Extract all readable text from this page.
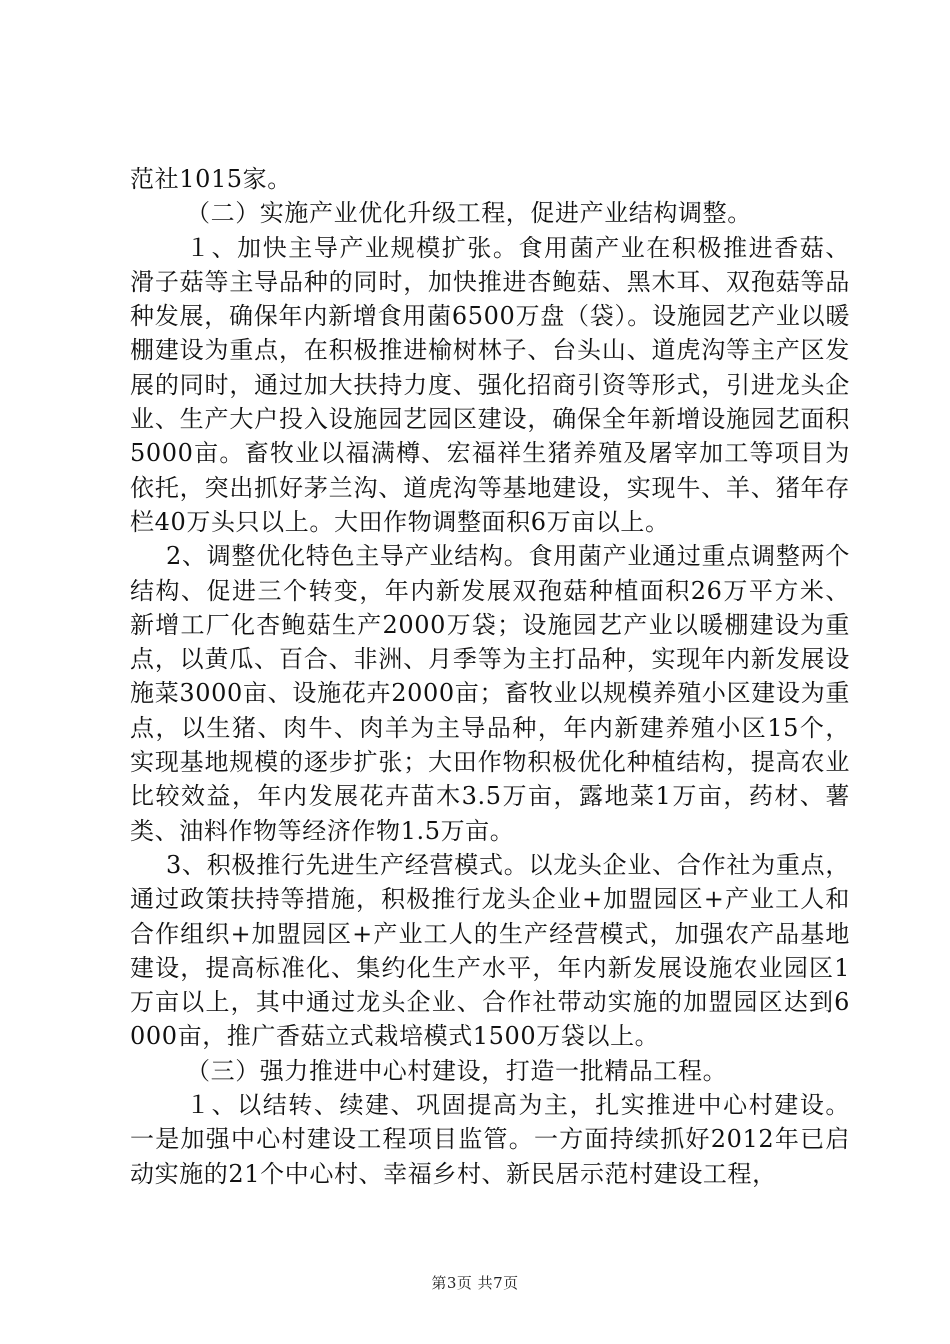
范社1015家。

（二）实施产业优化升级工程，促进产业结构调整。

１、加快主导产业规模扩张。食用菌产业在积极推进香菇、滑子菇等主导品种的同时，加快推进杏鲍菇、黑木耳、双孢菇等品种发展，确保年内新增食用菌6500万盘（袋）。设施园艺产业以暖棚建设为重点，在积极推进榆树林子、台头山、道虎沟等主产区发展的同时，通过加大扶持力度、强化招商引资等形式，引进龙头企业、生产大户投入设施园艺园区建设，确保全年新增设施园艺面积5000亩。畜牧业以福满樽、宏福祥生猪养殖及屠宰加工等项目为依托，突出抓好茅兰沟、道虎沟等基地建设，实现牛、羊、猪年存栏40万头只以上。大田作物调整面积6万亩以上。

2、调整优化特色主导产业结构。食用菌产业通过重点调整两个结构、促进三个转变，年内新发展双孢菇种植面积26万平方米、新增工厂化杏鲍菇生产2000万袋；设施园艺产业以暖棚建设为重点，以黄瓜、百合、非洲、月季等为主打品种，实现年内新发展设施菜3000亩、设施花卉2000亩；畜牧业以规模养殖小区建设为重点，以生猪、肉牛、肉羊为主导品种，年内新建养殖小区15个，实现基地规模的逐步扩张；大田作物积极优化种植结构，提高农业比较效益，年内发展花卉苗木3.5万亩，露地菜1万亩，药材、薯类、油料作物等经济作物1.5万亩。

3、积极推行先进生产经营模式。以龙头企业、合作社为重点，通过政策扶持等措施，积极推行龙头企业+加盟园区+产业工人和合作组织+加盟园区+产业工人的生产经营模式，加强农产品基地建设，提高标准化、集约化生产水平，年内新发展设施农业园区1万亩以上，其中通过龙头企业、合作社带动实施的加盟园区达到6000亩，推广香菇立式栽培模式1500万袋以上。

（三）强力推进中心村建设，打造一批精品工程。

１、以结转、续建、巩固提高为主，扎实推进中心村建设。一是加强中心村建设工程项目监管。一方面持续抓好2012年已启动实施的21个中心村、幸福乡村、新民居示范村建设工程，

第3页 共7页
